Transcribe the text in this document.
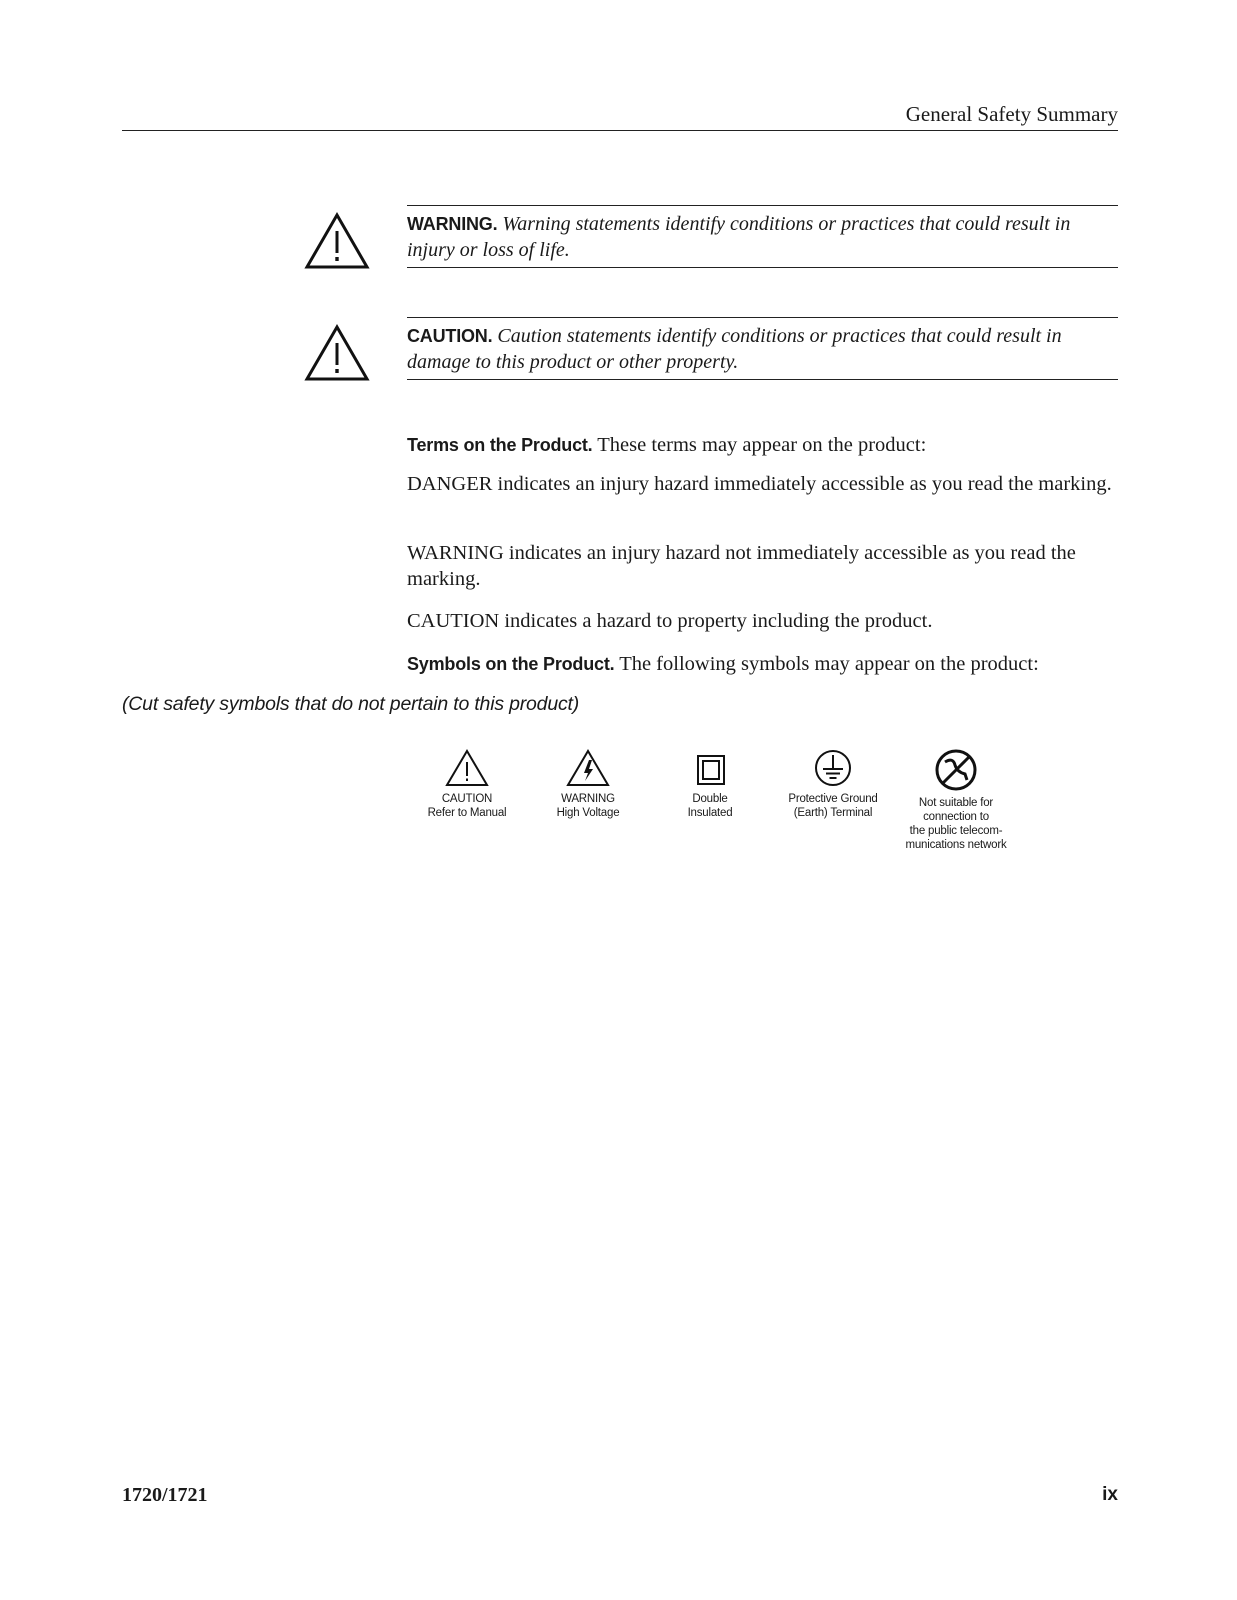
General Safety Summary
WARNING. Warning statements identify conditions or practices that could result in injury or loss of life.
CAUTION. Caution statements identify conditions or practices that could result in damage to this product or other property.
Terms on the Product. These terms may appear on the product:
DANGER indicates an injury hazard immediately accessible as you read the marking.
WARNING indicates an injury hazard not immediately accessible as you read the marking.
CAUTION indicates a hazard to property including the product.
Symbols on the Product. The following symbols may appear on the product:
(Cut safety symbols that do not pertain to this product)
CAUTION
Refer to Manual
WARNING
High Voltage
Double
Insulated
Protective Ground
(Earth) Terminal
Not suitable for
connection to
the public telecom-
munications network
1720/1721	ix
